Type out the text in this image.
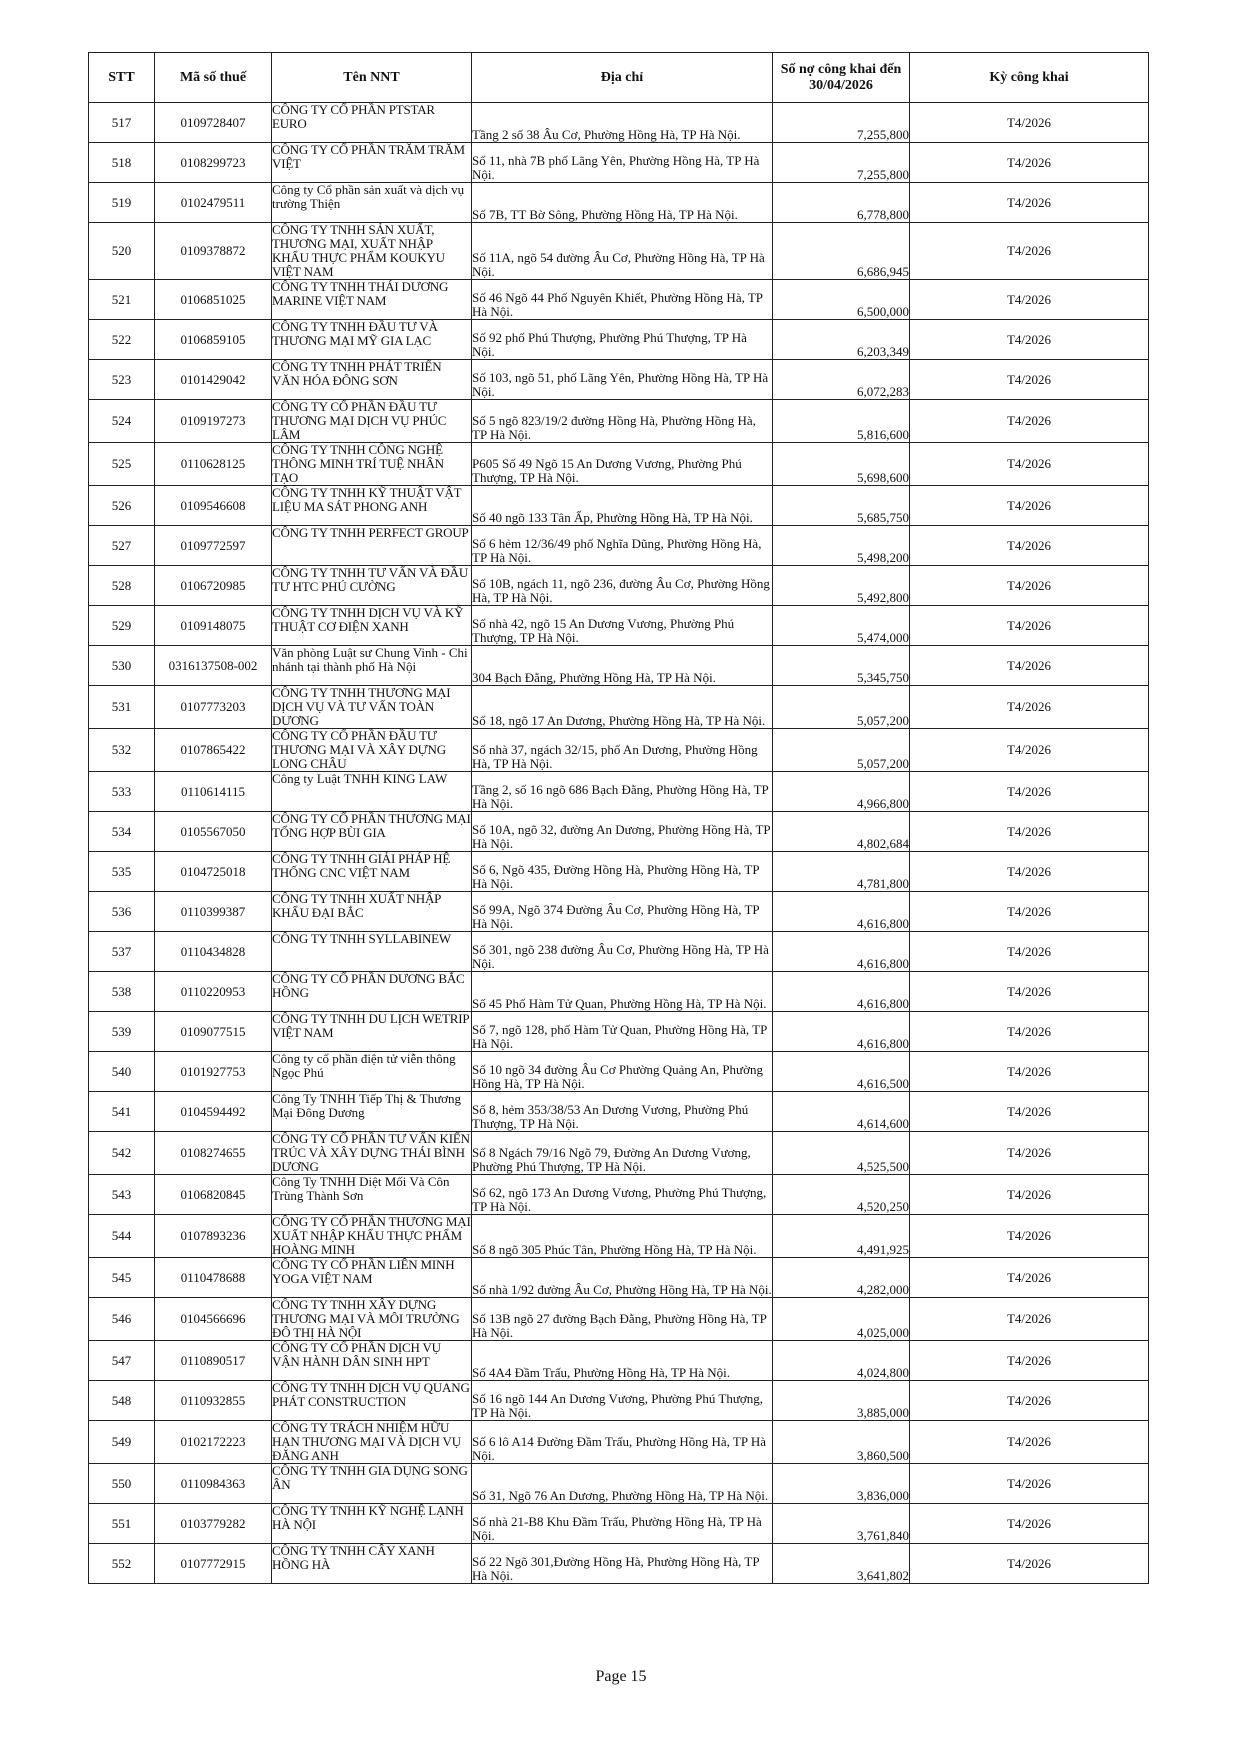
STT	Mã số thuế	Tên NNT	Địa chỉ	Số nợ công khai đến 30/04/2026	Kỳ công khai
517	0109728407	CÔNG TY CỔ PHẦN PTSTAR EURO	Tầng 2 số 38 Âu Cơ, Phường Hồng Hà, TP Hà Nội.	7,255,800	T4/2026
518	0108299723	CÔNG TY CỔ PHẦN TRĂM TRĂM VIỆT	Số 11, nhà 7B phố Lãng Yên, Phường Hồng Hà, TP Hà Nội.	7,255,800	T4/2026
519	0102479511	Công ty Cổ phần sản xuất và dịch vụ trường Thiện	Số 7B, TT Bờ Sông, Phường Hồng Hà, TP Hà Nội.	6,778,800	T4/2026
520	0109378872	CÔNG TY TNHH SẢN XUẤT, THƯƠNG MẠI, XUẤT NHẬP KHẨU THỰC PHẨM KOUKYU VIỆT NAM	Số 11A, ngõ 54 đường Âu Cơ, Phường Hồng Hà, TP Hà Nội.	6,686,945	T4/2026
521	0106851025	CÔNG TY TNHH THÁI DƯƠNG MARINE VIỆT NAM	Số 46 Ngõ 44 Phố Nguyên Khiết, Phường Hồng Hà, TP Hà Nội.	6,500,000	T4/2026
522	0106859105	CÔNG TY TNHH ĐẦU TƯ VÀ THƯƠNG MẠI MỸ GIA LẠC	Số 92 phố Phú Thượng, Phường Phú Thượng, TP Hà Nội.	6,203,349	T4/2026
523	0101429042	CÔNG TY TNHH PHÁT TRIỂN VĂN HÓA ĐÔNG SƠN	Số 103, ngõ 51, phố Lãng Yên, Phường Hồng Hà, TP Hà Nội.	6,072,283	T4/2026
524	0109197273	CÔNG TY CỔ PHẦN ĐẦU TƯ THƯƠNG MẠI DỊCH VỤ PHÚC LÂM	Số 5 ngõ 823/19/2 đường Hồng Hà, Phường Hồng Hà, TP Hà Nội.	5,816,600	T4/2026
525	0110628125	CÔNG TY TNHH CÔNG NGHỆ THÔNG MINH TRÍ TUỆ NHÂN TẠO	P605 Số 49 Ngõ 15 An Dương Vương, Phường Phú Thượng, TP Hà Nội.	5,698,600	T4/2026
526	0109546608	CÔNG TY TNHH KỸ THUẬT VẬT LIỆU MA SÁT PHONG ANH	Số 40 ngõ 133 Tân Ấp, Phường Hồng Hà, TP Hà Nội.	5,685,750	T4/2026
527	0109772597	CÔNG TY TNHH PERFECT GROUP	Số 6 hẻm 12/36/49 phố Nghĩa Dũng, Phường Hồng Hà, TP Hà Nội.	5,498,200	T4/2026
528	0106720985	CÔNG TY TNHH TƯ VẤN VÀ ĐẦU TƯ HTC PHÚ CƯỜNG	Số 10B, ngách 11, ngõ 236, đường Âu Cơ, Phường Hồng Hà, TP Hà Nội.	5,492,800	T4/2026
529	0109148075	CÔNG TY TNHH DỊCH VỤ VÀ KỸ THUẬT CƠ ĐIỆN XANH	Số nhà 42, ngõ 15 An Dương Vương, Phường Phú Thượng, TP Hà Nội.	5,474,000	T4/2026
530	0316137508-002	Văn phòng Luật sư Chung Vinh - Chi nhánh tại thành phố Hà Nội	304 Bạch Đằng, Phường Hồng Hà, TP Hà Nội.	5,345,750	T4/2026
531	0107773203	CÔNG TY TNHH THƯƠNG MẠI DỊCH VỤ VÀ TƯ VẤN TOÀN DƯƠNG	Số 18, ngõ 17 An Dương, Phường Hồng Hà, TP Hà Nội.	5,057,200	T4/2026
532	0107865422	CÔNG TY CỔ PHẦN ĐẦU TƯ THƯƠNG MẠI VÀ XÂY DỰNG LONG CHÂU	Số nhà 37, ngách 32/15, phố An Dương, Phường Hồng Hà, TP Hà Nội.	5,057,200	T4/2026
533	0110614115	Công ty Luật TNHH KING LAW	Tầng 2, số 16 ngõ 686 Bạch Đằng, Phường Hồng Hà, TP Hà Nội.	4,966,800	T4/2026
534	0105567050	CÔNG TY CỔ PHẦN THƯƠNG MẠI TỔNG HỢP BÙI GIA	Số 10A, ngõ 32, đường An Dương, Phường Hồng Hà, TP Hà Nội.	4,802,684	T4/2026
535	0104725018	CÔNG TY TNHH GIẢI PHÁP HỆ THỐNG CNC VIỆT NAM	Số 6, Ngõ 435, Đường Hồng Hà, Phường Hồng Hà, TP Hà Nội.	4,781,800	T4/2026
536	0110399387	CÔNG TY TNHH XUẤT NHẬP KHẨU ĐẠI BẮC	Số 99A, Ngõ 374 Đường Âu Cơ, Phường Hồng Hà, TP Hà Nội.	4,616,800	T4/2026
537	0110434828	CÔNG TY TNHH SYLLABINEW	Số 301, ngõ 238 đường Âu Cơ, Phường Hồng Hà, TP Hà Nội.	4,616,800	T4/2026
538	0110220953	CÔNG TY CỔ PHẦN DƯƠNG BẮC HỒNG	Số 45 Phố Hàm Tử Quan, Phường Hồng Hà, TP Hà Nội.	4,616,800	T4/2026
539	0109077515	CÔNG TY TNHH DU LỊCH WETRIP VIỆT NAM	Số 7, ngõ 128, phố Hàm Tử Quan, Phường Hồng Hà, TP Hà Nội.	4,616,800	T4/2026
540	0101927753	Công ty cổ phần điện tử viễn thông Ngọc Phú	Số 10 ngõ 34 đường Âu Cơ Phường Quảng An, Phường Hồng Hà, TP Hà Nội.	4,616,500	T4/2026
541	0104594492	Công Ty TNHH Tiếp Thị & Thương Mại Đông Dương	Số 8, hẻm 353/38/53 An Dương Vương, Phường Phú Thượng, TP Hà Nội.	4,614,600	T4/2026
542	0108274655	CÔNG TY CỔ PHẦN TƯ VẤN KIẾN TRÚC VÀ XÂY DỰNG THÁI BÌNH DƯƠNG	Số 8 Ngách 79/16 Ngõ 79, Đường An Dương Vương, Phường Phú Thượng, TP Hà Nội.	4,525,500	T4/2026
543	0106820845	Công Ty TNHH Diệt Mối Và Côn Trùng Thành Sơn	Số 62, ngõ 173 An Dương Vương, Phường Phú Thượng, TP Hà Nội.	4,520,250	T4/2026
544	0107893236	CÔNG TY CỔ PHẦN THƯƠNG MẠI XUẤT NHẬP KHẨU THỰC PHẨM HOÀNG MINH	Số 8 ngõ 305 Phúc Tân, Phường Hồng Hà, TP Hà Nội.	4,491,925	T4/2026
545	0110478688	CÔNG TY CỔ PHẦN LIÊN MINH YOGA VIỆT NAM	Số nhà 1/92 đường Âu Cơ, Phường Hồng Hà, TP Hà Nội.	4,282,000	T4/2026
546	0104566696	CÔNG TY TNHH XÂY DỰNG THƯƠNG MẠI VÀ MÔI TRƯỜNG ĐÔ THỊ HÀ NỘI	Số 13B ngõ 27 đường Bạch Đằng, Phường Hồng Hà, TP Hà Nội.	4,025,000	T4/2026
547	0110890517	CÔNG TY CỔ PHẦN DỊCH VỤ VẬN HÀNH DÂN SINH HPT	Số 4A4 Đầm Trấu, Phường Hồng Hà, TP Hà Nội.	4,024,800	T4/2026
548	0110932855	CÔNG TY TNHH DỊCH VỤ QUANG PHÁT CONSTRUCTION	Số 16 ngõ 144 An Dương Vương, Phường Phú Thượng, TP Hà Nội.	3,885,000	T4/2026
549	0102172223	CÔNG TY TRÁCH NHIỆM HỮU HẠN THƯƠNG MẠI VÀ DỊCH VỤ ĐĂNG ANH	Số 6 lô A14 Đường Đầm Trấu, Phường Hồng Hà, TP Hà Nội.	3,860,500	T4/2026
550	0110984363	CÔNG TY TNHH GIA DỤNG SONG ÂN	Số 31, Ngõ 76 An Dương, Phường Hồng Hà, TP Hà Nội.	3,836,000	T4/2026
551	0103779282	CÔNG TY TNHH KỸ NGHỆ LẠNH HÀ NỘI	Số nhà 21-B8 Khu Đầm Trấu, Phường Hồng Hà, TP Hà Nội.	3,761,840	T4/2026
552	0107772915	CÔNG TY TNHH CÂY XANH HỒNG HÀ	Số 22 Ngõ 301,Đường Hồng Hà, Phường Hồng Hà, TP Hà Nội.	3,641,802	T4/2026
Page 15
